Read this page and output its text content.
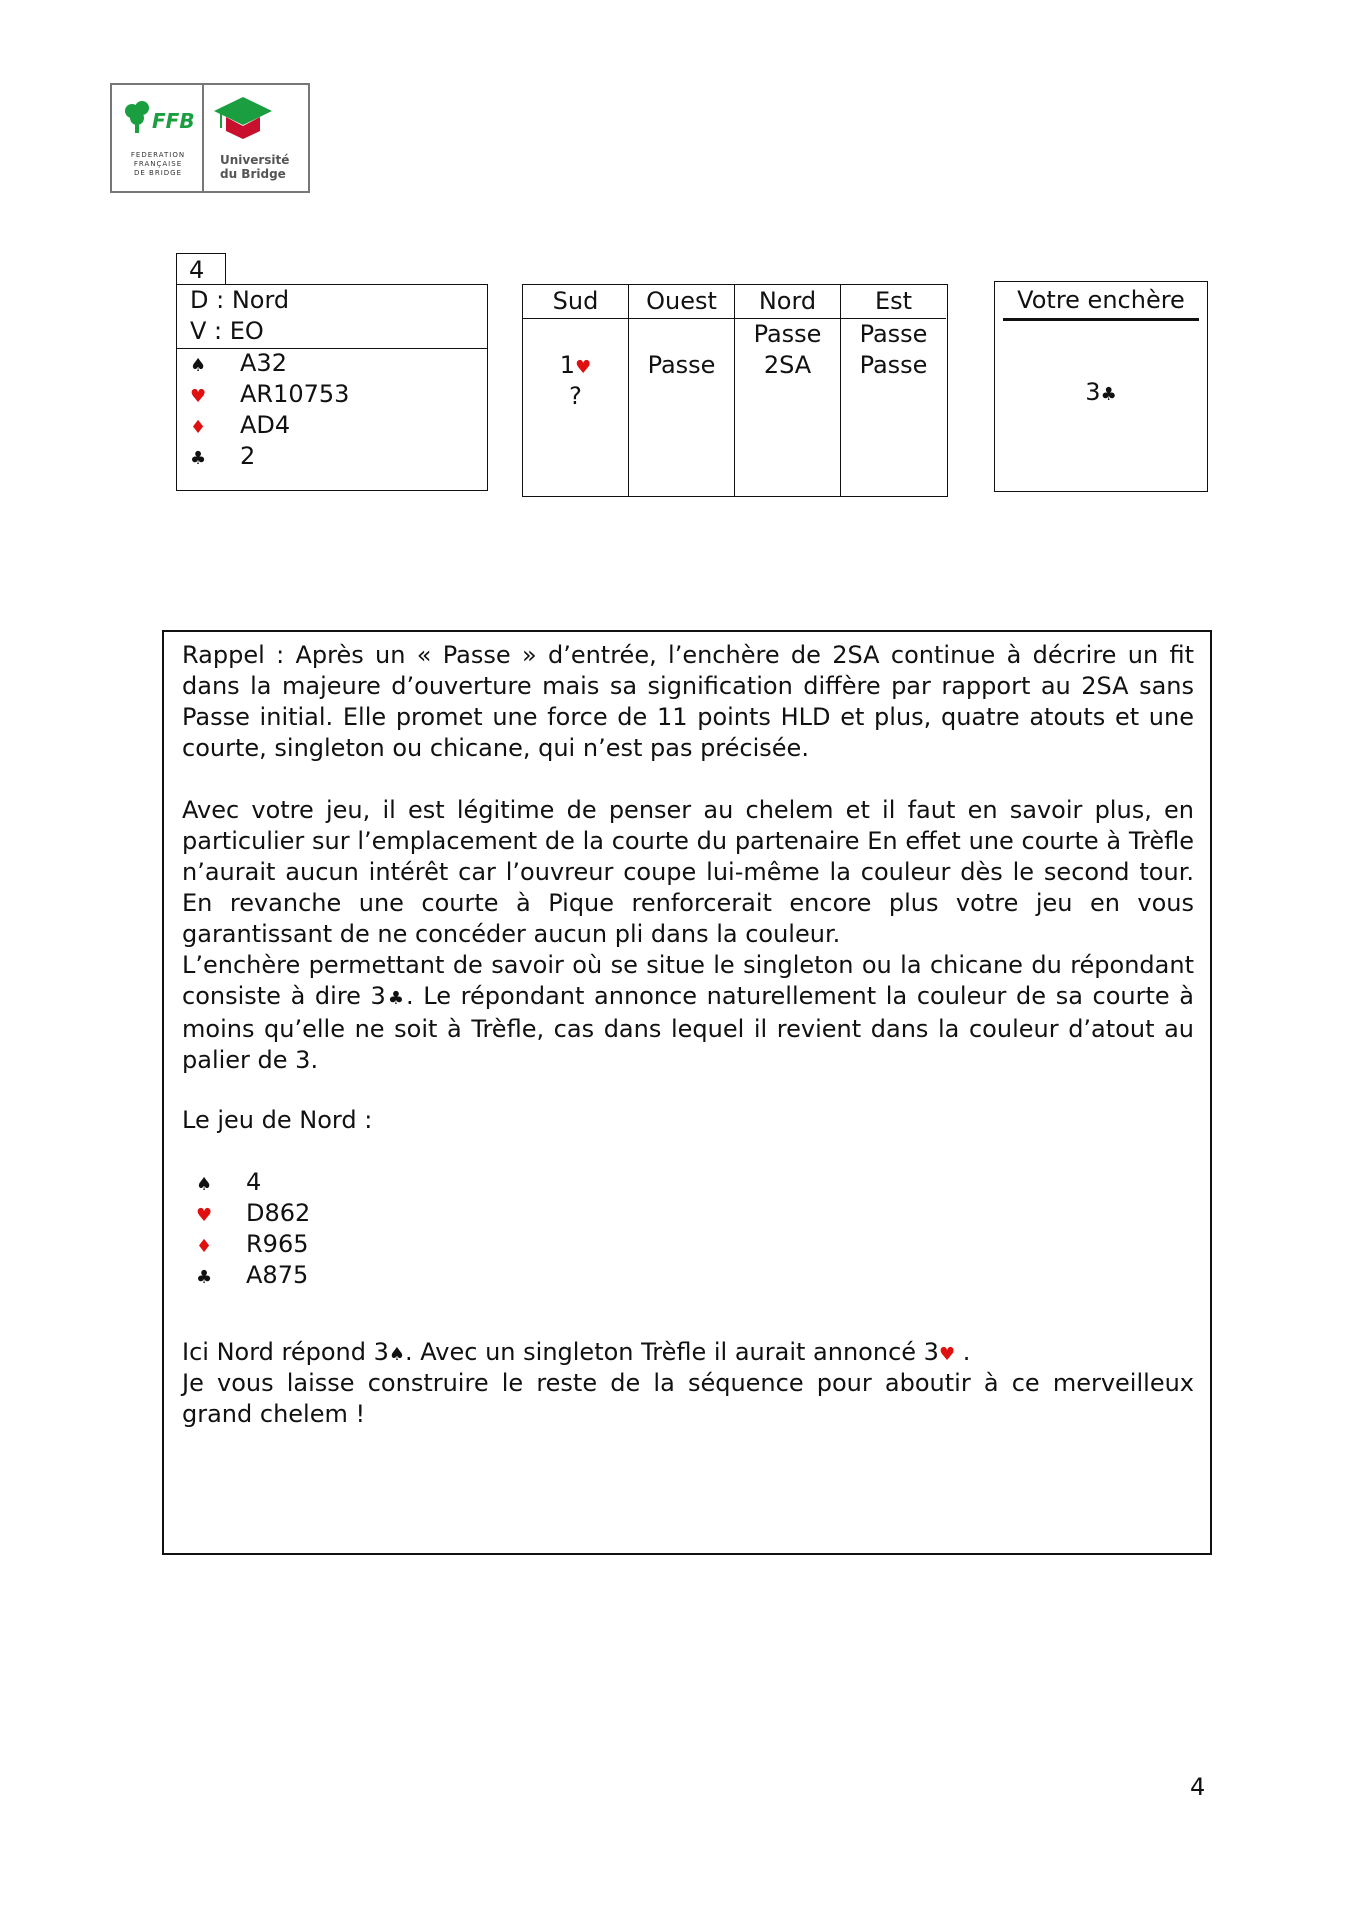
FFB
FEDERATION
FRANÇAISE
DE BRIDGE
Université
du Bridge
4
D : Nord
V : EO
♠ A32
♥ AR10753
♦ AD4
♣ 2
Sud
1♥
?
Ouest
Passe
Nord
Passe
2SA
Est
Passe
Passe
Votre enchère
3♣

Rappel : Après un « Passe » d’entrée, l’enchère de 2SA continue à décrire un fit dans la majeure d’ouverture mais sa signification diffère par rapport au 2SA sans Passe initial. Elle promet une force de 11 points HLD et plus, quatre atouts et une courte, singleton ou chicane, qui n’est pas précisée.

Avec votre jeu, il est légitime de penser au chelem et il faut en savoir plus, en particulier sur l’emplacement de la courte du partenaire En effet une courte à Trèfle n’aurait aucun intérêt car l’ouvreur coupe lui-même la couleur dès le second tour. En revanche une courte à Pique renforcerait encore plus votre jeu en vous garantissant de ne concéder aucun pli dans la couleur.

L’enchère permettant de savoir où se situe le singleton ou la chicane du répondant consiste à dire 3♣. Le répondant annonce naturellement la couleur de sa courte à moins qu’elle ne soit à Trèfle, cas dans lequel il revient dans la couleur d’atout au palier de 3.

Le jeu de Nord :

♠ 4
♥ D862
♦ R965
♣ A875

Ici Nord répond 3♠. Avec un singleton Trèfle il aurait annoncé 3♥ .

Je vous laisse construire le reste de la séquence pour aboutir à ce merveilleux grand chelem !

4
